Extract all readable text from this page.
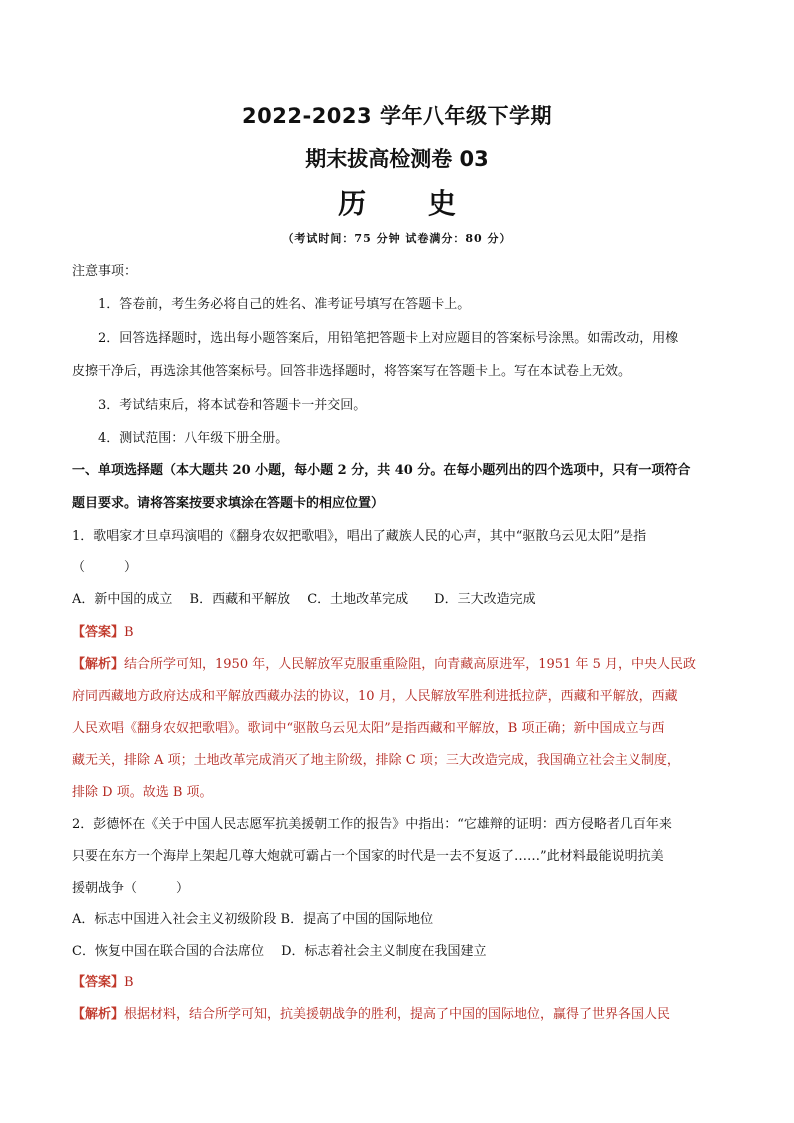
2022-2023 学年八年级下学期
期末拔高检测卷 03
历 史
（考试时间：75 分钟 试卷满分：80 分）
注意事项：
1．答卷前，考生务必将自己的姓名、准考证号填写在答题卡上。
2．回答选择题时，选出每小题答案后，用铅笔把答题卡上对应题目的答案标号涂黑。如需改动，用橡
皮擦干净后，再选涂其他答案标号。回答非选择题时，将答案写在答题卡上。写在本试卷上无效。
3．考试结束后，将本试卷和答题卡一并交回。
4．测试范围：八年级下册全册。
一、单项选择题（本大题共 20 小题，每小题 2 分，共 40 分。在每小题列出的四个选项中，只有一项符合
题目要求。请将答案按要求填涂在答题卡的相应位置）
1．歌唱家才旦卓玛演唱的《翻身农奴把歌唱》，唱出了藏族人民的心声，其中“驱散乌云见太阳”是指
（　　　）
A．新中国的成立　 B．西藏和平解放　 C．土地改革完成　　D．三大改造完成
【答案】B
【解析】结合所学可知，1950 年，人民解放军克服重重险阻，向青藏高原进军，1951 年 5 月，中央人民政
府同西藏地方政府达成和平解放西藏办法的协议，10 月，人民解放军胜利进抵拉萨，西藏和平解放，西藏
人民欢唱《翻身农奴把歌唱》。歌词中“驱散乌云见太阳”是指西藏和平解放，B 项正确；新中国成立与西
藏无关，排除 A 项；土地改革完成消灭了地主阶级，排除 C 项；三大改造完成，我国确立社会主义制度，
排除 D 项。故选 B 项。
2．彭德怀在《关于中国人民志愿军抗美援朝工作的报告》中指出：“它雄辩的证明：西方侵略者几百年来
只要在东方一个海岸上架起几尊大炮就可霸占一个国家的时代是一去不复返了……”此材料最能说明抗美
援朝战争（　　　）
A．标志中国进入社会主义初级阶段 B．提高了中国的国际地位
C．恢复中国在联合国的合法席位　 D．标志着社会主义制度在我国建立
【答案】B
【解析】根据材料，结合所学可知，抗美援朝战争的胜利，提高了中国的国际地位，赢得了世界各国人民
